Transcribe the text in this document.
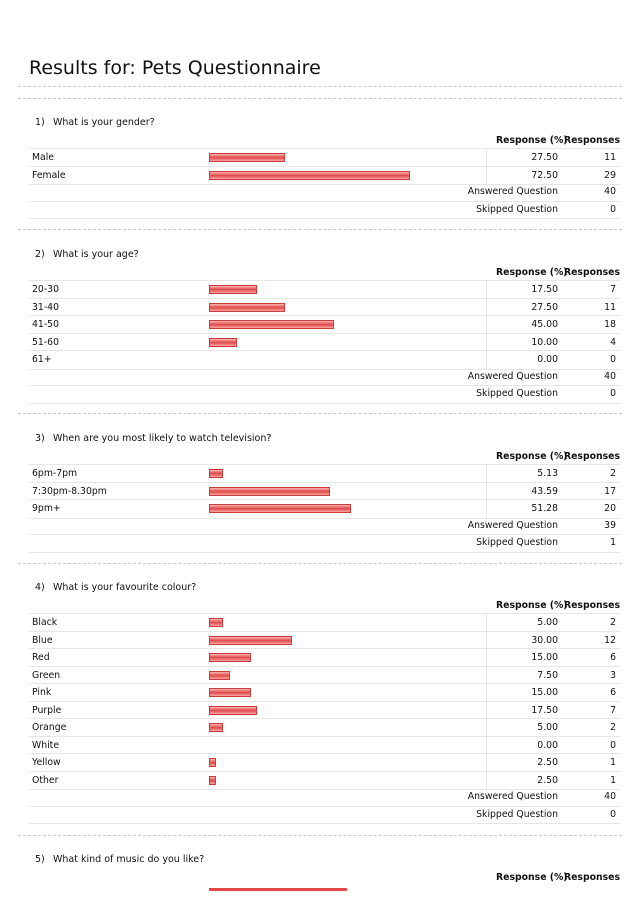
Results for: Pets Questionnaire
1) What is your gender?
Response (%)Responses
Male	27.50	11
Female	72.50	29
Answered Question	40
Skipped Question	0
2) What is your age?
Response (%)Responses
20-30	17.50	7
31-40	27.50	11
41-50	45.00	18
51-60	10.00	4
61+	0.00	0
Answered Question	40
Skipped Question	0
3) When are you most likely to watch television?
Response (%)Responses
6pm-7pm	5.13	2
7:30pm-8.30pm	43.59	17
9pm+	51.28	20
Answered Question	39
Skipped Question	1
4) What is your favourite colour?
Response (%)Responses
Black	5.00	2
Blue	30.00	12
Red	15.00	6
Green	7.50	3
Pink	15.00	6
Purple	17.50	7
Orange	5.00	2
White	0.00	0
Yellow	2.50	1
Other	2.50	1
Answered Question	40
Skipped Question	0
5) What kind of music do you like?
Response (%)Responses
